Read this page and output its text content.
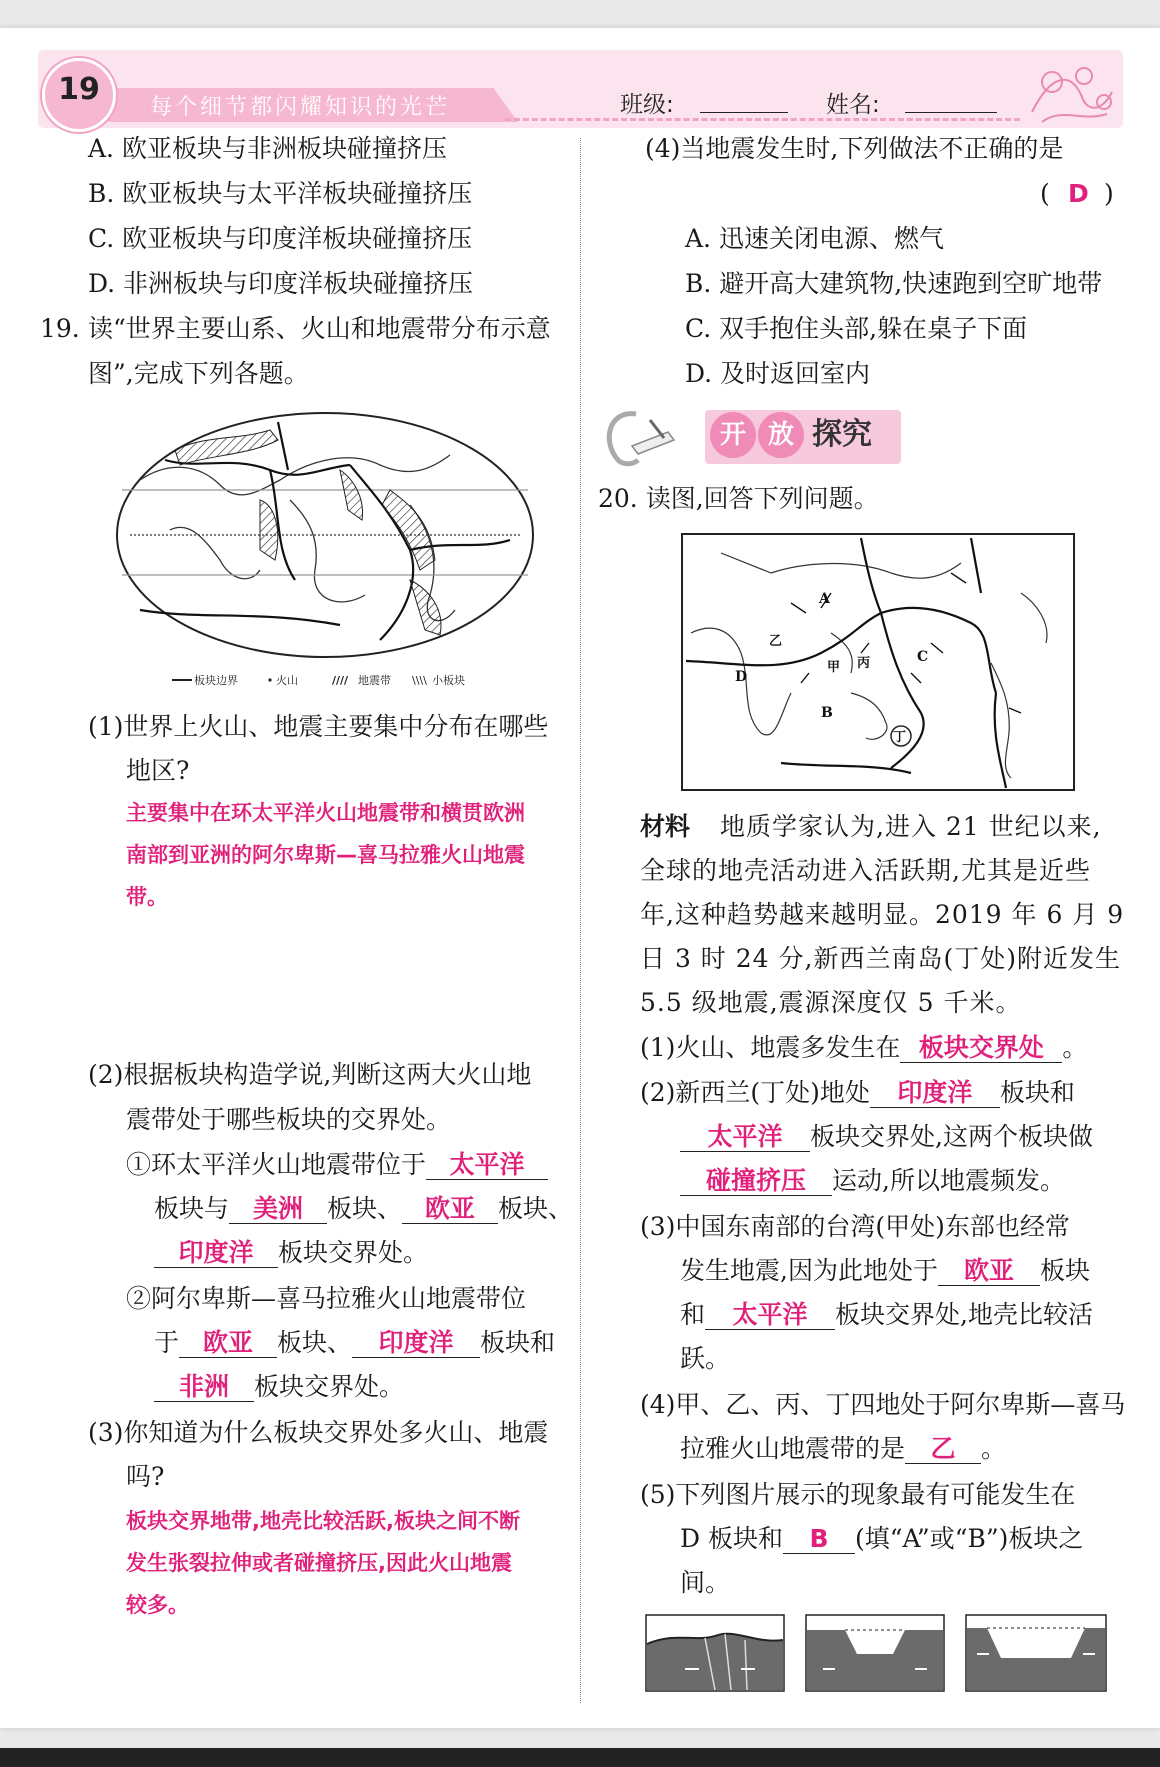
19
每个细节都闪耀知识的光芒	班级:	姓名:
A. 欧亚板块与非洲板块碰撞挤压
B. 欧亚板块与太平洋板块碰撞挤压
C. 欧亚板块与印度洋板块碰撞挤压
D. 非洲板块与印度洋板块碰撞挤压
19. 读“世界主要山系、火山和地震带分布示意
图”,完成下列各题。
板块边界	火山	//// 地震带 \\\\ 小板块
(1)世界上火山、地震主要集中分布在哪些
地区?
主要集中在环太平洋火山地震带和横贯欧洲
南部到亚洲的阿尔卑斯—喜马拉雅火山地震
带。
(2)根据板块构造学说,判断这两大火山地
震带处于哪些板块的交界处。
①环太平洋火山地震带位于 太平洋
板块与 美洲 板块、 欧亚 板块、
印度洋 板块交界处。
②阿尔卑斯—喜马拉雅火山地震带位
于 欧亚 板块、 印度洋 板块和
非洲 板块交界处。
(3)你知道为什么板块交界处多火山、地震
吗?
板块交界地带,地壳比较活跃,板块之间不断
发生张裂拉伸或者碰撞挤压,因此火山地震
较多。
(4)当地震发生时,下列做法不正确的是
( D )
A. 迅速关闭电源、燃气
B. 避开高大建筑物,快速跑到空旷地带
C. 双手抱住头部,躲在桌子下面
D. 及时返回室内
开 放 探究
20. 读图,回答下列问题。
A
B
C
D
甲
乙
丙
丁
材料 地质学家认为,进入 21 世纪以来,
全球的地壳活动进入活跃期,尤其是近些
年,这种趋势越来越明显。2019 年 6 月 9
日 3 时 24 分,新西兰南岛(丁处)附近发生
5.5 级地震,震源深度仅 5 千米。
(1)火山、地震多发生在 板块交界处 。
(2)新西兰(丁处)地处 印度洋 板块和
太平洋 板块交界处,这两个板块做
碰撞挤压 运动,所以地震频发。
(3)中国东南部的台湾(甲处)东部也经常
发生地震,因为此地处于 欧亚 板块
和 太平洋 板块交界处,地壳比较活
跃。
(4)甲、乙、丙、丁四地处于阿尔卑斯—喜马
拉雅火山地震带的是 乙 。
(5)下列图片展示的现象最有可能发生在
D 板块和 B (填“A”或“B”)板块之
间。
